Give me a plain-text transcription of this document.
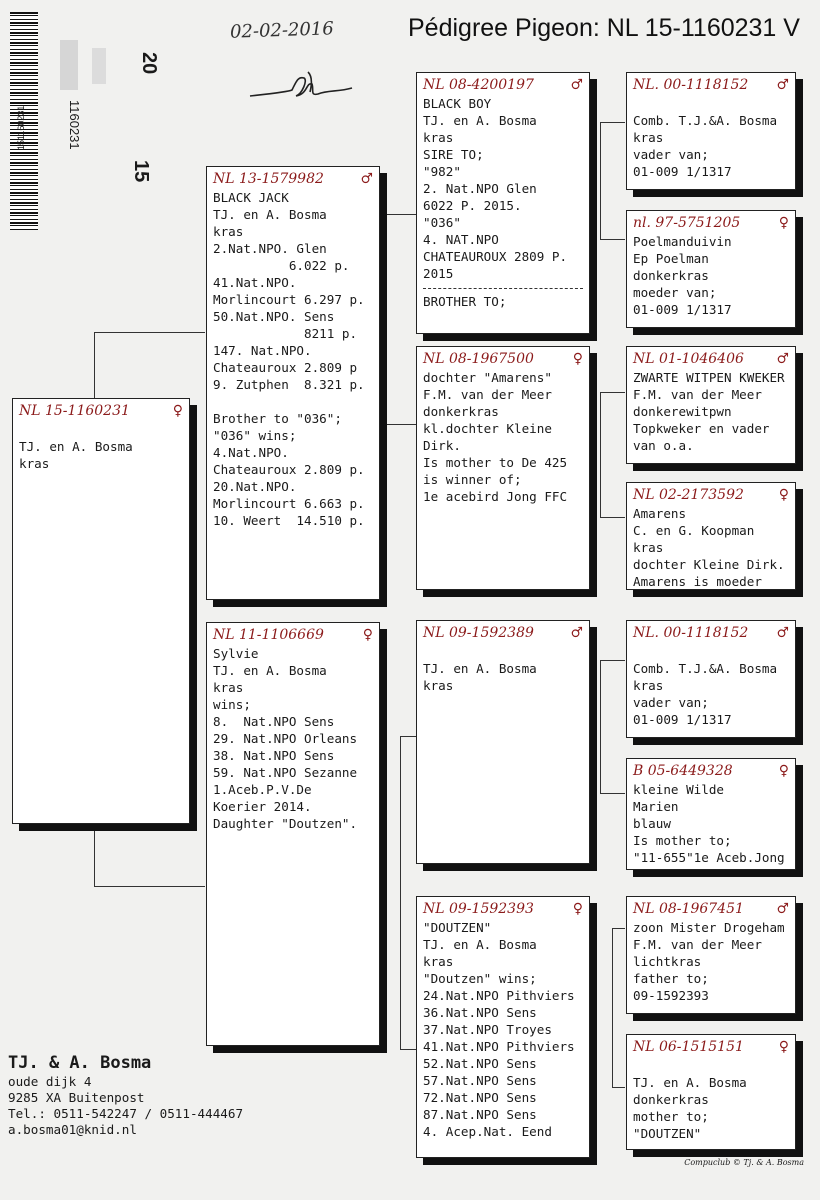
02-02-2016	Pédigree Pigeon: NL 15-1160231 V
151160231
20
1160231
15
NL 15-1160231	♀

TJ. en A. Bosma
kras
NL 13-1579982	♂
BLACK JACK
TJ. en A. Bosma
kras
2.Nat.NPO. Glen
6.022 p.
41.Nat.NPO.
Morlincourt 6.297 p.
50.Nat.NPO. Sens
8211 p.
147. Nat.NPO.
Chateauroux 2.809 p
9. Zutphen  8.321 p.

Brother to "036";
"036" wins;
4.Nat.NPO.
Chateauroux 2.809 p.
20.Nat.NPO.
Morlincourt 6.663 p.
10. Weert  14.510 p.
NL 11-1106669	♀
Sylvie
TJ. en A. Bosma
kras
wins;
8.  Nat.NPO Sens
29. Nat.NPO Orleans
38. Nat.NPO Sens
59. Nat.NPO Sezanne
1.Aceb.P.V.De
Koerier 2014.
Daughter "Doutzen".
NL 08-4200197	♂
BLACK BOY
TJ. en A. Bosma
kras
SIRE TO;
"982"
2. Nat.NPO Glen
6022 P. 2015.
"036"
4. NAT.NPO
CHATEAUROUX 2809 P.
2015
BROTHER TO;
NL 08-1967500	♀
dochter "Amarens"
F.M. van der Meer
donkerkras
kl.dochter Kleine
Dirk.
Is mother to De 425
is winner of;
1e acebird Jong FFC
NL 09-1592389	♂

TJ. en A. Bosma
kras
NL 09-1592393	♀
"DOUTZEN"
TJ. en A. Bosma
kras
"Doutzen" wins;
24.Nat.NPO Pithviers
36.Nat.NPO Sens
37.Nat.NPO Troyes
41.Nat.NPO Pithviers
52.Nat.NPO Sens
57.Nat.NPO Sens
72.Nat.NPO Sens
87.Nat.NPO Sens
4. Acep.Nat. Eend
NL. 00-1118152 ♂

Comb. T.J.&A. Bosma
kras
vader van;
01-009 1/1317
nl. 97-5751205	♀
Poelmanduivin
Ep Poelman
donkerkras
moeder van;
01-009 1/1317
NL 01-1046406 ♂
ZWARTE WITPEN KWEKER
F.M. van der Meer
donkerewitpwn
Topkweker en vader
van o.a.
NL 02-2173592 ♀
Amarens
C. en G. Koopman
kras
dochter Kleine Dirk.
Amarens is moeder
NL. 00-1118152 ♂

Comb. T.J.&A. Bosma
kras
vader van;
01-009 1/1317
B 05-6449328	♀
kleine Wilde
Marien
blauw
Is mother to;
"11-655"1e Aceb.Jong
NL 08-1967451 ♂
zoon Mister Drogeham
F.M. van der Meer
lichtkras
father to;
09-1592393
NL 06-1515151 ♀

TJ. en A. Bosma
donkerkras
mother to;
"DOUTZEN"
TJ. & A. Bosma
oude dijk 4
9285 XA Buitenpost
Tel.: 0511-542247 / 0511-444467
a.bosma01@knid.nl
Compuclub © Tj. & A. Bosma
